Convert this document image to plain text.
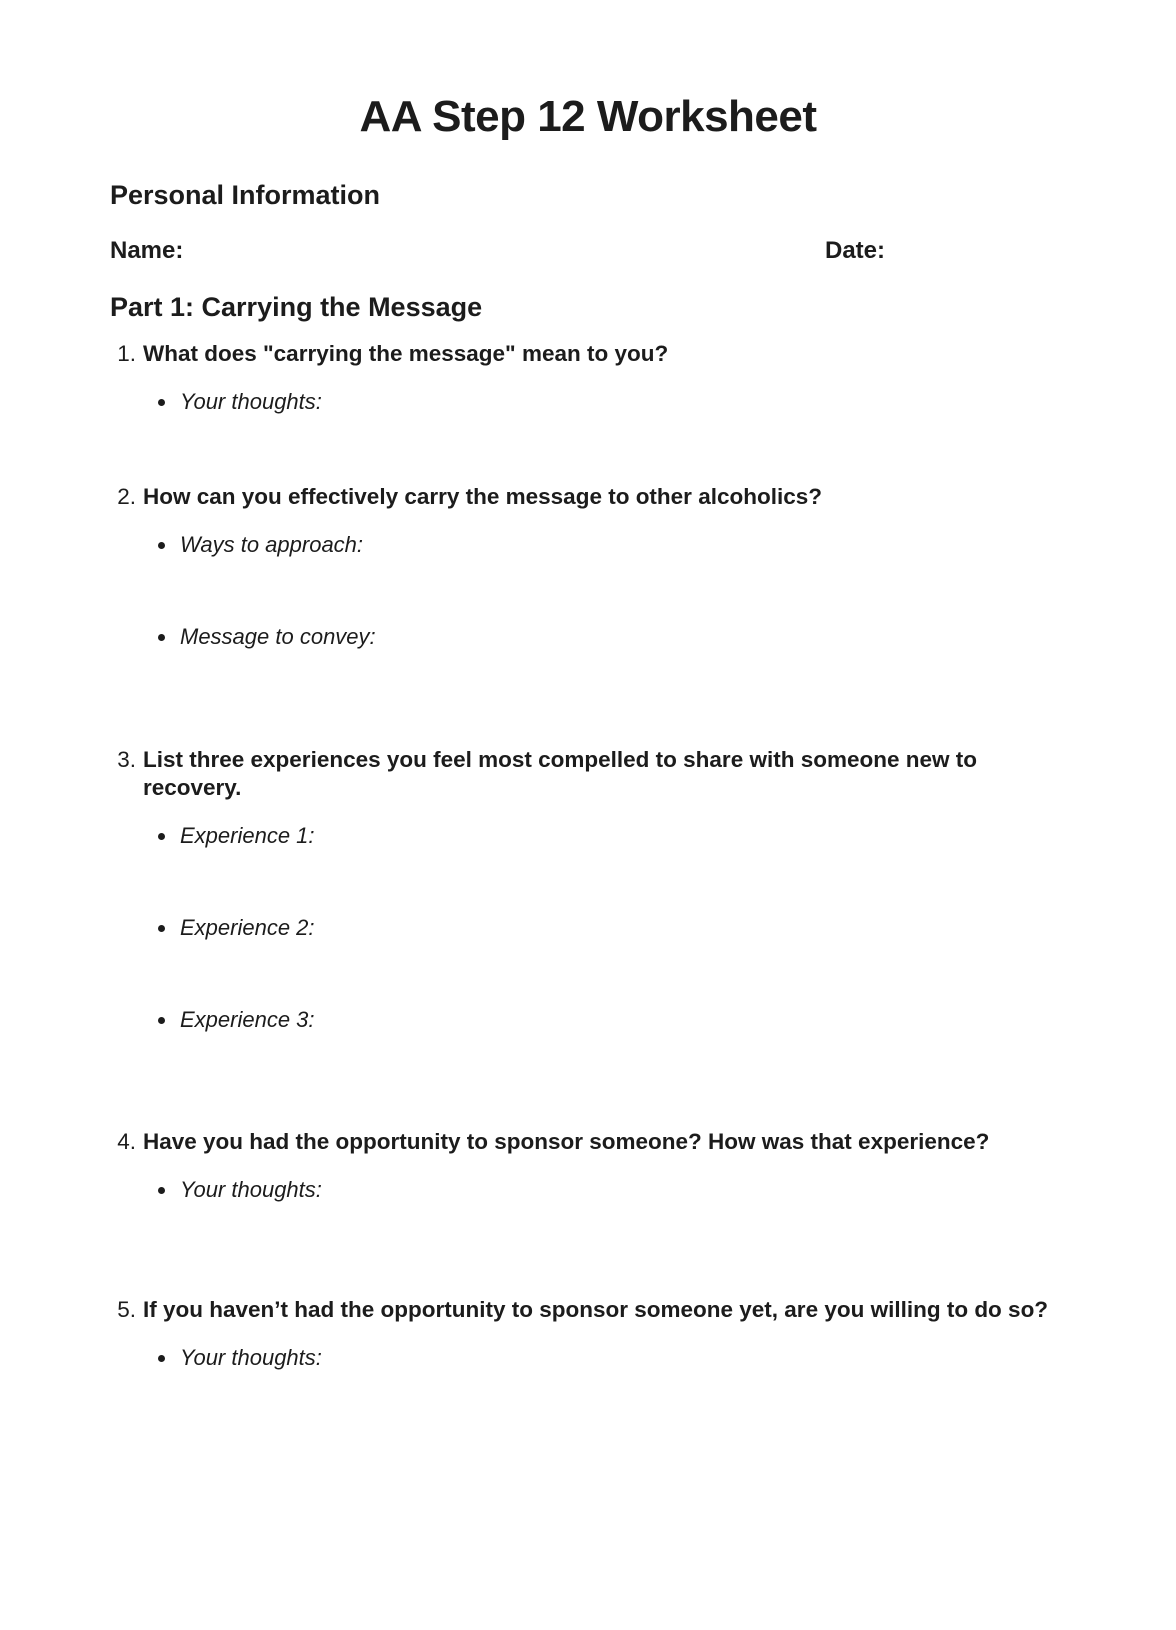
AA Step 12 Worksheet
Personal Information
Name:	Date:
Part 1: Carrying the Message
1. What does "carrying the message" mean to you?
Your thoughts:
2. How can you effectively carry the message to other alcoholics?
Ways to approach:
Message to convey:
3. List three experiences you feel most compelled to share with someone new to recovery.
Experience 1:
Experience 2:
Experience 3:
4. Have you had the opportunity to sponsor someone? How was that experience?
Your thoughts:
5. If you haven’t had the opportunity to sponsor someone yet, are you willing to do so?
Your thoughts:
